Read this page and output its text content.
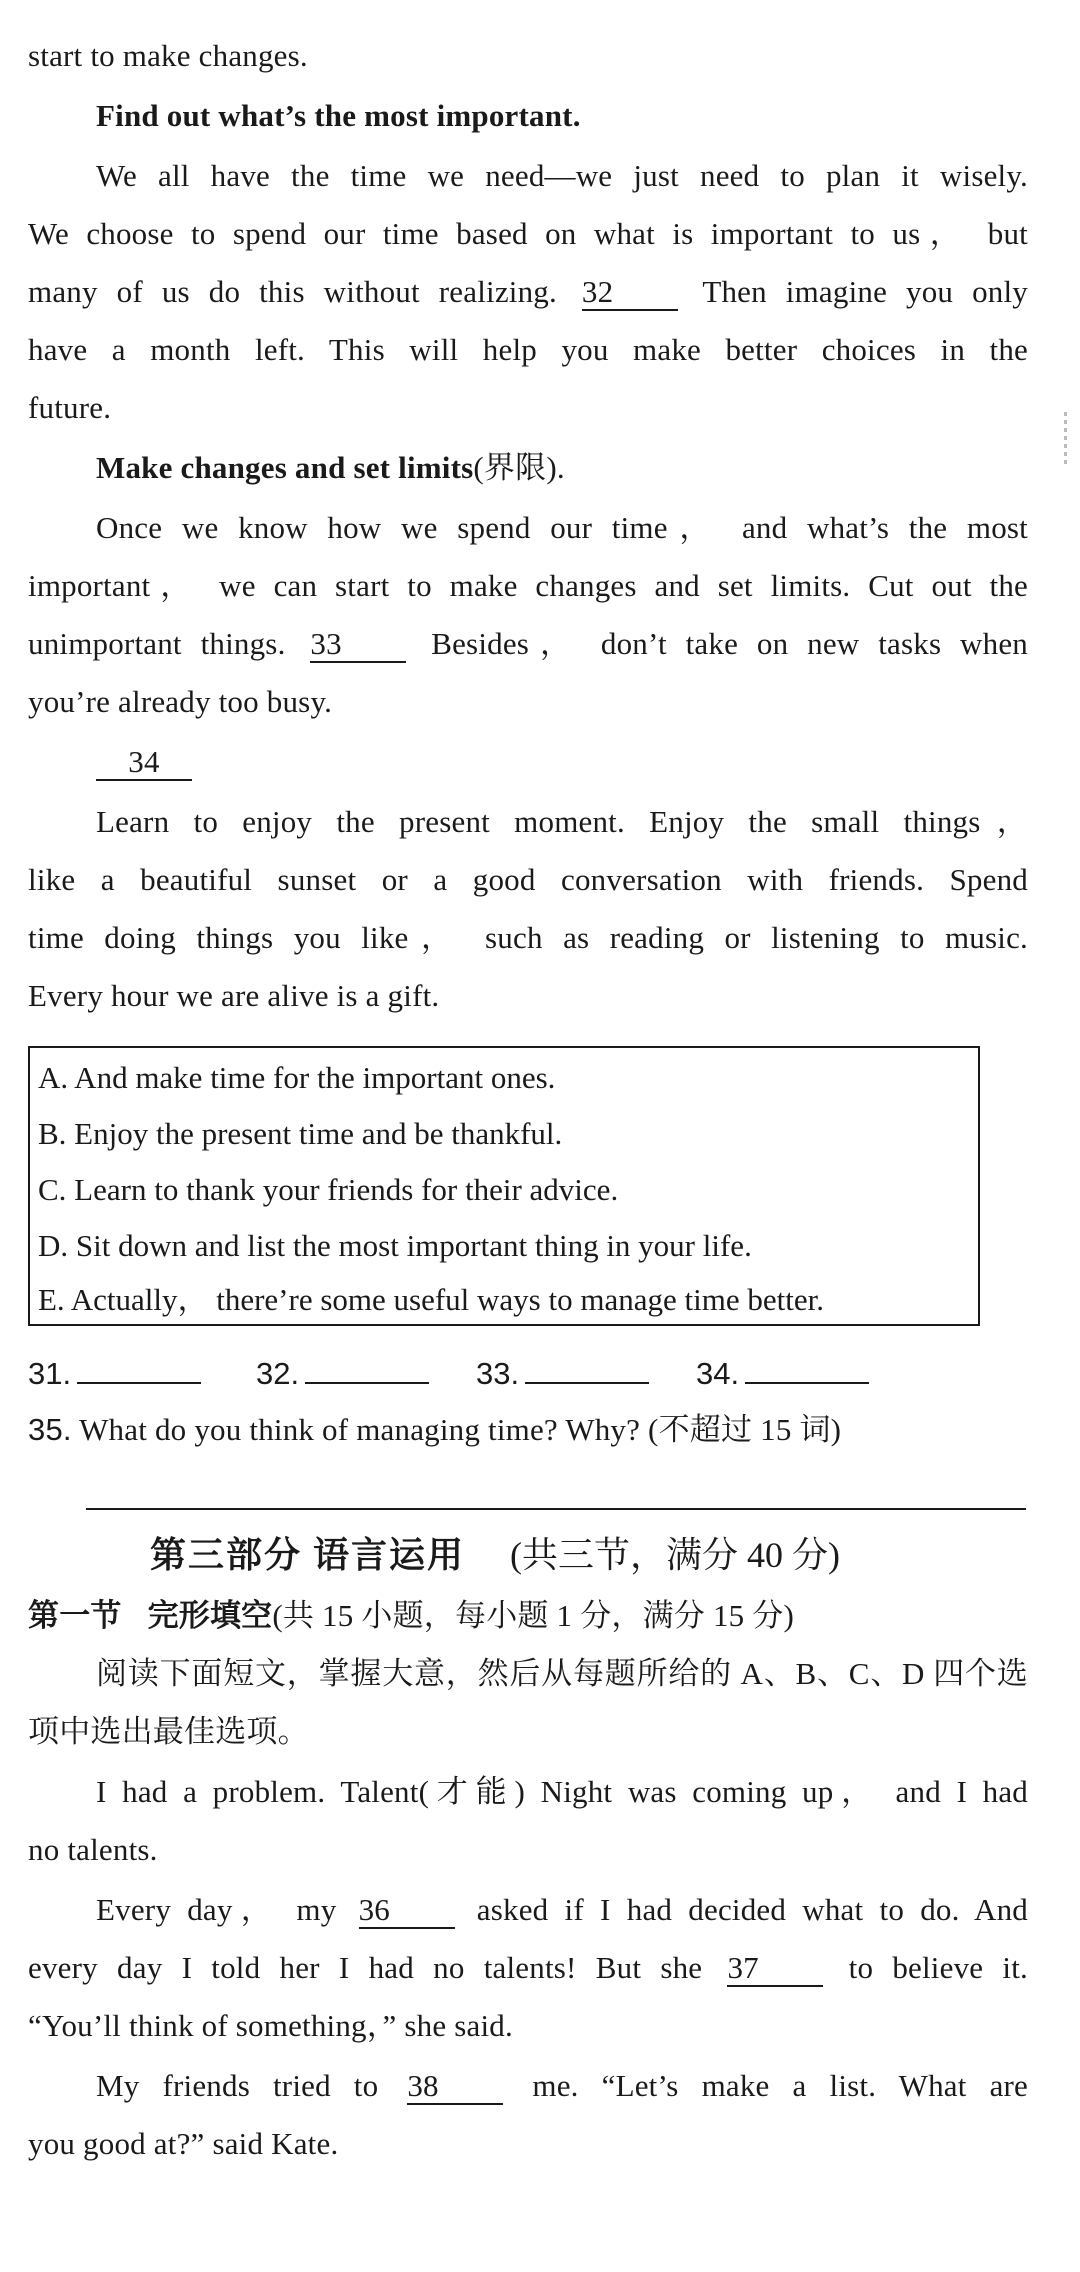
start to make changes.
Find out what’s the most important.
We all have the time we need—we just need to plan it wisely.
We choose to spend our time based on what is important to us， but
many of us do this without realizing. 32	Then imagine you only
have a month left. This will help you make better choices in the
future.
Make changes and set limits(界限).
Once we know how we spend our time， and what’s the most
important， we can start to make changes and set limits. Cut out the
unimportant things. 33	Besides， don’t take on new tasks when
you’re already too busy.
34
Learn to enjoy the present moment. Enjoy the small things，
like a beautiful sunset or a good conversation with friends. Spend
time doing things you like， such as reading or listening to music.
Every hour we are alive is a gift.
A. And make time for the important ones.
B. Enjoy the present time and be thankful.
C. Learn to thank your friends for their advice.
D. Sit down and list the most important thing in your life.
E. Actually， there’re some useful ways to manage time better.
31.	32.	33.	34.
35. What do you think of managing time? Why? (不超过 15 词)
第三部分 语言运用 (共三节，满分 40 分)
第一节 完形填空(共 15 小题，每小题 1 分，满分 15 分)
阅读下面短文，掌握大意，然后从每题所给的 A、B、C、D 四个选
项中选出最佳选项。
I had a problem. Talent(才能) Night was coming up， and I had
no talents.
Every day， my 36	asked if I had decided what to do. And
every day I told her I had no talents! But she 37	to believe it.
“You’ll think of something，” she said.
My friends tried to 38	me. “Let’s make a list. What are
you good at?” said Kate.
